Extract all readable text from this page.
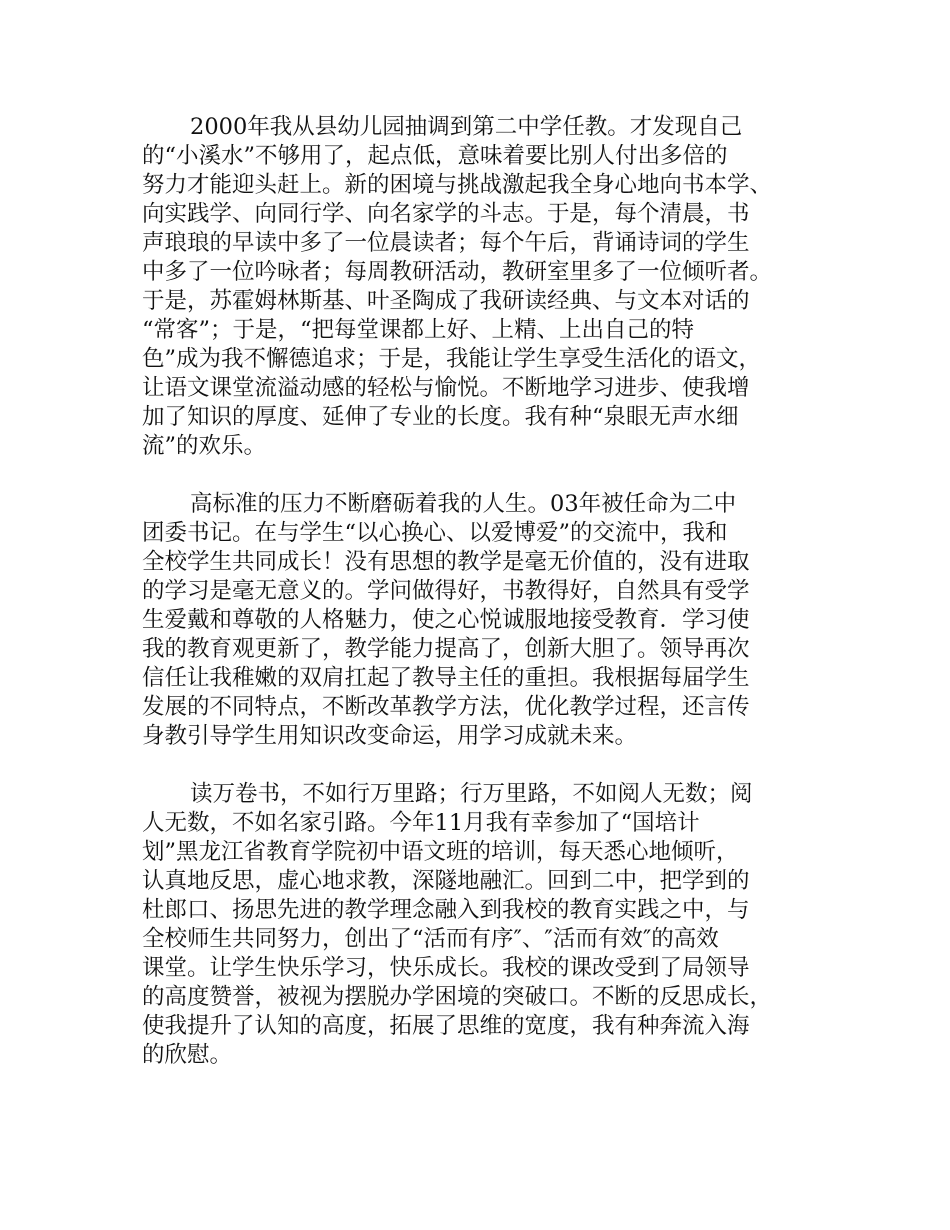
2000年我从县幼儿园抽调到第二中学任教。才发现自己
的“小溪水”不够用了，起点低，意味着要比别人付出多倍的
努力才能迎头赶上。新的困境与挑战激起我全身心地向书本学、
向实践学、向同行学、向名家学的斗志。于是，每个清晨，书
声琅琅的早读中多了一位晨读者；每个午后，背诵诗词的学生
中多了一位吟咏者；每周教研活动，教研室里多了一位倾听者。
于是，苏霍姆林斯基、叶圣陶成了我研读经典、与文本对话的
“常客”；于是，“把每堂课都上好、上精、上出自己的特
色”成为我不懈德追求；于是，我能让学生享受生活化的语文，
让语文课堂流溢动感的轻松与愉悦。不断地学习进步、使我增
加了知识的厚度、延伸了专业的长度。我有种“泉眼无声水细
流”的欢乐。
高标准的压力不断磨砺着我的人生。03年被任命为二中
团委书记。在与学生“以心换心、以爱博爱”的交流中，我和
全校学生共同成长！没有思想的教学是毫无价值的，没有进取
的学习是毫无意义的。学问做得好，书教得好，自然具有受学
生爱戴和尊敬的人格魅力，使之心悦诚服地接受教育．学习使
我的教育观更新了，教学能力提高了，创新大胆了。领导再次
信任让我稚嫩的双肩扛起了教导主任的重担。我根据每届学生
发展的不同特点，不断改革教学方法，优化教学过程，还言传
身教引导学生用知识改变命运，用学习成就未来。
读万卷书，不如行万里路；行万里路，不如阅人无数；阅
人无数，不如名家引路。今年11月我有幸参加了“国培计
划”黑龙江省教育学院初中语文班的培训，每天悉心地倾听，
认真地反思，虚心地求教，深隧地融汇。回到二中，把学到的
杜郎口、扬思先进的教学理念融入到我校的教育实践之中，与
全校师生共同努力，创出了“活而有序″、″活而有效″的高效
课堂。让学生快乐学习，快乐成长。我校的课改受到了局领导
的高度赞誉，被视为摆脱办学困境的突破口。不断的反思成长，
使我提升了认知的高度，拓展了思维的宽度，我有种奔流入海
的欣慰。
